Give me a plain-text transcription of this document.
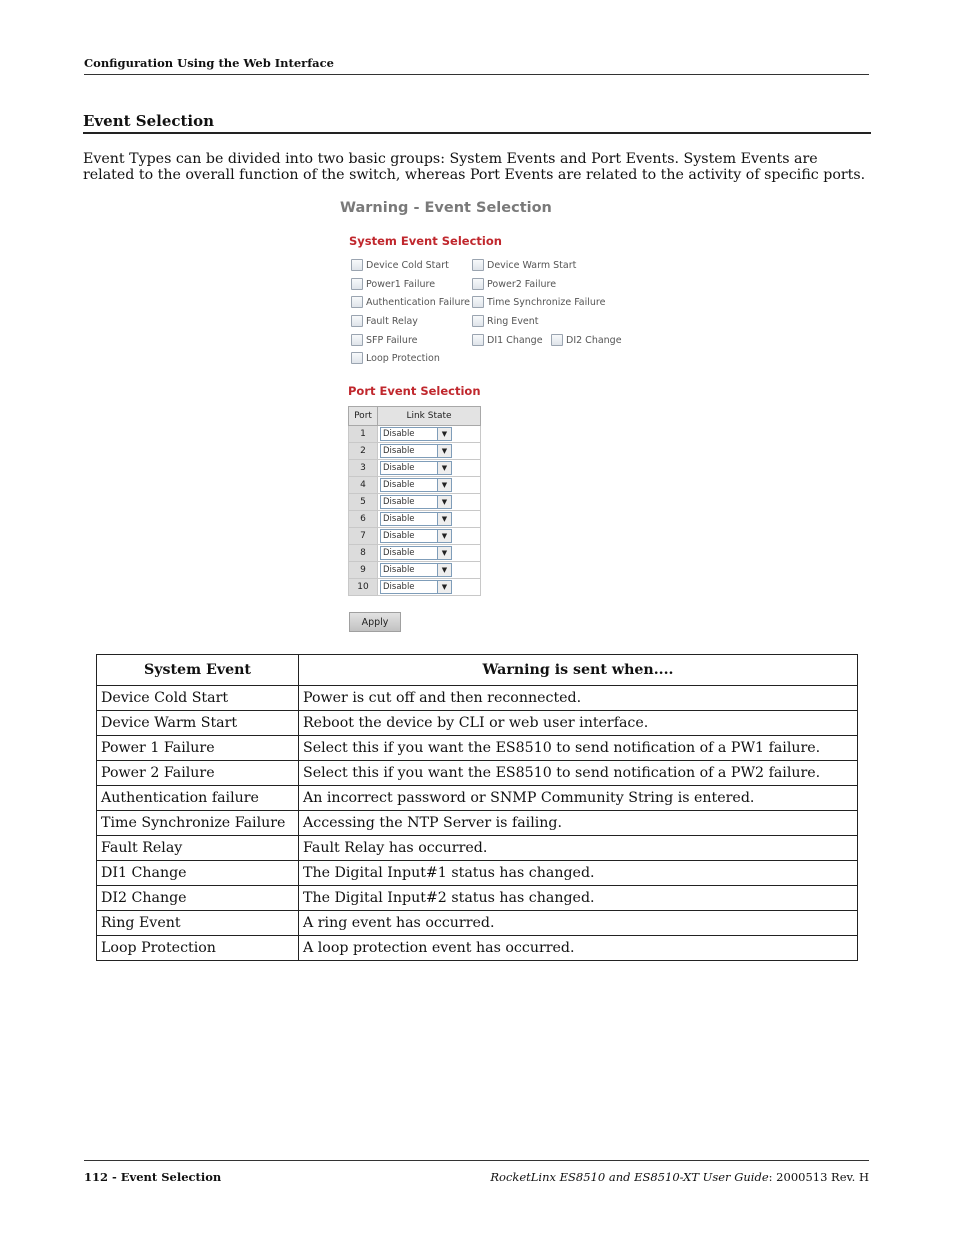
Configuration Using the Web Interface
Event Selection
Event Types can be divided into two basic groups: System Events and Port Events. System Events are related to the overall function of the switch, whereas Port Events are related to the activity of specific ports.
Warning - Event Selection
System Event Selection
Device Cold Start	Device Warm Start
Power1 Failure	Power2 Failure
Authentication Failure Time Synchronize Failure
Fault Relay	Ring Event
SFP Failure	DI1 Change DI2 Change
Loop Protection
Port Event Selection
Port	Link State
1	Disable ▼

2	Disable ▼

3	Disable ▼

4	Disable ▼

5	Disable ▼

6	Disable ▼

7	Disable ▼

8	Disable ▼

9	Disable ▼

10	Disable ▼
Apply
System Event	Warning is sent when....
Device Cold Start	Power is cut off and then reconnected.
Device Warm Start	Reboot the device by CLI or web user interface.
Power 1 Failure	Select this if you want the ES8510 to send notification of a PW1 failure.
Power 2 Failure	Select this if you want the ES8510 to send notification of a PW2 failure.
Authentication failure	An incorrect password or SNMP Community String is entered.
Time Synchronize Failure	Accessing the NTP Server is failing.
Fault Relay	Fault Relay has occurred.
DI1 Change	The Digital Input#1 status has changed.
DI2 Change	The Digital Input#2 status has changed.
Ring Event	A ring event has occurred.
Loop Protection	A loop protection event has occurred.
112 - Event Selection	RocketLinx ES8510 and ES8510-XT User Guide: 2000513 Rev. H
